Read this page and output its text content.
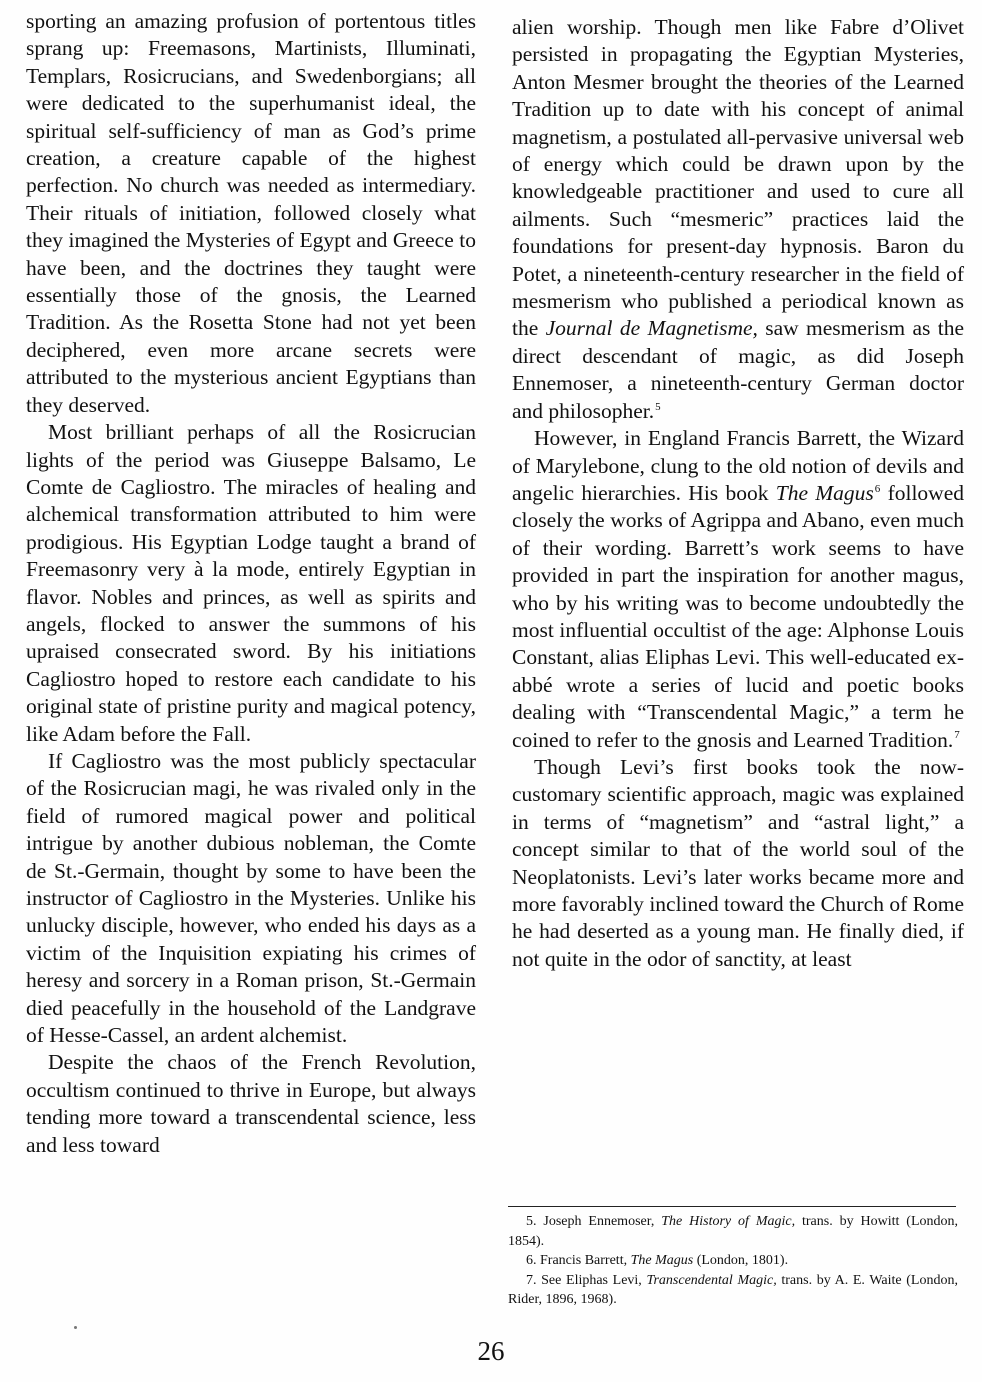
sporting an amazing profusion of portentous titles sprang up: Freemasons, Martinists, Illuminati, Templars, Rosicrucians, and Swedenborgians; all were dedicated to the superhumanist ideal, the spiritual self-sufficiency of man as God’s prime creation, a creature capable of the highest perfection. No church was needed as intermediary. Their rituals of initiation, followed closely what they imagined the Mysteries of Egypt and Greece to have been, and the doctrines they taught were essentially those of the gnosis, the Learned Tradition. As the Rosetta Stone had not yet been deciphered, even more arcane secrets were attributed to the mysterious ancient Egyptians than they deserved.

Most brilliant perhaps of all the Rosicrucian lights of the period was Giuseppe Balsamo, Le Comte de Cagliostro. The miracles of healing and alchemical transformation attributed to him were prodigious. His Egyptian Lodge taught a brand of Freemasonry very à la mode, entirely Egyptian in flavor. Nobles and princes, as well as spirits and angels, flocked to answer the summons of his upraised consecrated sword. By his initiations Cagliostro hoped to restore each candidate to his original state of pristine purity and magical potency, like Adam before the Fall.

If Cagliostro was the most publicly spectacular of the Rosicrucian magi, he was rivaled only in the field of rumored magical power and political intrigue by another dubious nobleman, the Comte de St.-Germain, thought by some to have been the instructor of Cagliostro in the Mysteries. Unlike his unlucky disciple, however, who ended his days as a victim of the Inquisition expiating his crimes of heresy and sorcery in a Roman prison, St.-Germain died peacefully in the household of the Landgrave of Hesse-Cassel, an ardent alchemist.

Despite the chaos of the French Revolution, occultism continued to thrive in Europe, but always tending more toward a transcendental science, less and less toward

alien worship. Though men like Fabre d’Olivet persisted in propagating the Egyptian Mysteries, Anton Mesmer brought the theories of the Learned Tradition up to date with his concept of animal magnetism, a postulated all-pervasive universal web of energy which could be drawn upon by the knowledgeable practitioner and used to cure all ailments. Such “mesmeric” practices laid the foundations for present-day hypnosis. Baron du Potet, a nineteenth-century researcher in the field of mesmerism who published a periodical known as the Journal de Magnetisme, saw mesmerism as the direct descendant of magic, as did Joseph Ennemoser, a nineteenth-century German doctor and philosopher.$^5$

However, in England Francis Barrett, the Wizard of Marylebone, clung to the old notion of devils and angelic hierarchies. His book The Magus$^6$ followed closely the works of Agrippa and Abano, even much of their wording. Barrett’s work seems to have provided in part the inspiration for another magus, who by his writing was to become undoubtedly the most influential occultist of the age: Alphonse Louis Constant, alias Eliphas Levi. This well-educated ex-abbé wrote a series of lucid and poetic books dealing with “Transcendental Magic,” a term he coined to refer to the gnosis and Learned Tradition.$^7$

Though Levi’s first books took the now-customary scientific approach, magic was explained in terms of “magnetism” and “astral light,” a concept similar to that of the world soul of the Neoplatonists. Levi’s later works became more and more favorably inclined toward the Church of Rome he had deserted as a young man. He finally died, if not quite in the odor of sanctity, at least

5. Joseph Ennemoser, The History of Magic, trans. by Howitt (London, 1854).

6. Francis Barrett, The Magus (London, 1801).

7. See Eliphas Levi, Transcendental Magic, trans. by A. E. Waite (London, Rider, 1896, 1968).

26
